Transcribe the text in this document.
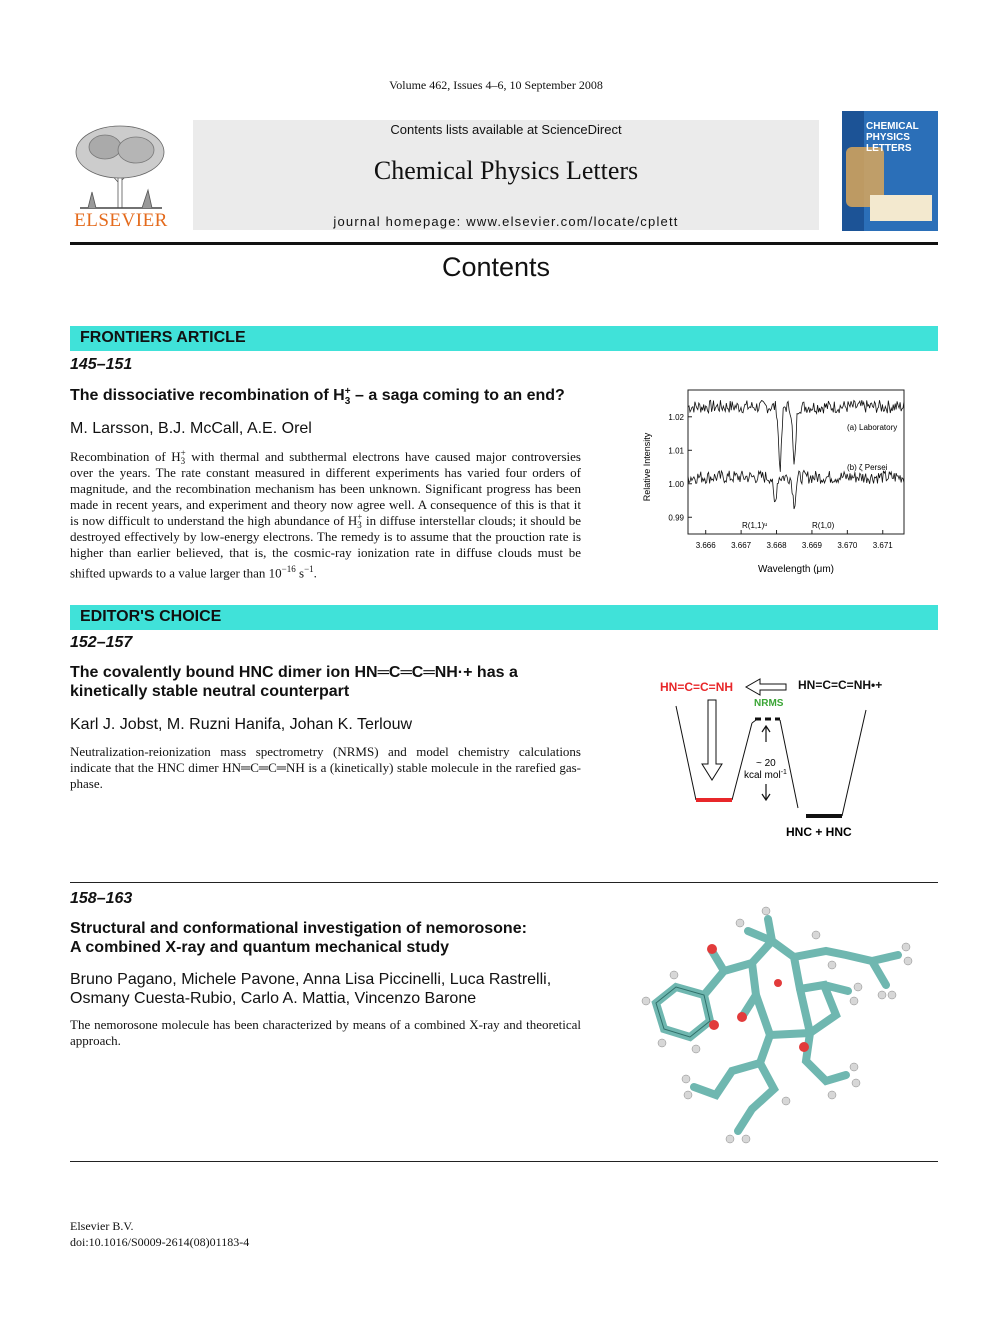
Volume 462, Issues 4–6, 10 September 2008
ELSEVIER
Contents lists available at ScienceDirect
Chemical Physics Letters
journal homepage: www.elsevier.com/locate/cplett
CHEMICAL
PHYSICS
LETTERS
Contents
FRONTIERS ARTICLE
145–151
The dissociative recombination of H +
3 – a saga coming to an end?
M. Larsson, B.J. McCall, A.E. Orel
Recombination of H +
3 with thermal and subthermal electrons have caused major controversies over the years. The rate constant measured in different experiments has varied four orders of magnitude, and the recombination mechanism has been unknown. Significant progress has been made in recent years, and experiment and theory now agree well. A consequence of this is that it is now difficult to understand the high abundance of H +
3 in diffuse interstellar clouds; it should be destroyed effectively by low-energy electrons. The remedy is to assume that the prouction rate is higher than earlier believed, that is, the cosmic-ray ionization rate in diffuse clouds must be shifted upwards to a value larger than $10^{-16}$ $s^{-1}$.
Relative Intensity
Wavelength (μm)
3.666 3.667 3.668 3.669 3.670 3.671
1.02
1.01
1.00
0.99
(a) Laboratory
(b) ζ Persei
R(1,1)ᵘ	R(1,0)
EDITOR'S CHOICE
152–157
The covalently bound HNC dimer ion HN═C═C═NH·+ has a kinetically stable neutral counterpart
Karl J. Jobst, M. Ruzni Hanifa, Johan K. Terlouw
Neutralization-reionization mass spectrometry (NRMS) and model chemistry calculations indicate that the HNC dimer HN═C═C═NH is a (kinetically) stable molecule in the rarefied gas-phase.
HN=C=C=NH	HN=C=C=NH•+
NRMS
~ 20
kcal mol$^{-1}$
HNC + HNC
158–163
Structural and conformational investigation of nemorosone:
A combined X-ray and quantum mechanical study
Bruno Pagano, Michele Pavone, Anna Lisa Piccinelli, Luca Rastrelli,
Osmany Cuesta-Rubio, Carlo A. Mattia, Vincenzo Barone
The nemorosone molecule has been characterized by means of a combined X-ray and theoretical approach.
Elsevier B.V.
doi:10.1016/S0009-2614(08)01183-4
